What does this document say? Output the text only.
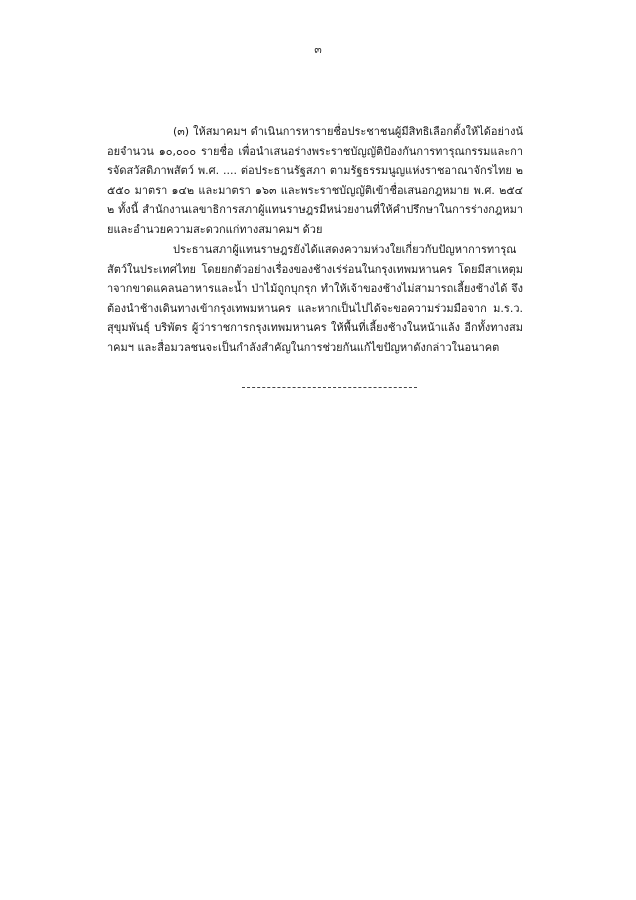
๓

(๓) ให้สมาคมฯ ดำเนินการหารายชื่อประชาชนผู้มีสิทธิเลือกตั้งให้ได้อย่างน้อยจำนวน ๑๐,๐๐๐ รายชื่อ เพื่อนำเสนอร่างพระราชบัญญัติป้องกันการทารุณกรรมและการจัดสวัสดิภาพสัตว์ พ.ศ. .... ต่อประธานรัฐสภา ตามรัฐธรรมนูญแห่งราชอาณาจักรไทย ๒๕๕๐ มาตรา ๑๔๒ และมาตรา ๑๖๓ และพระราชบัญญัติเข้าชื่อเสนอกฎหมาย พ.ศ. ๒๕๔๒ ทั้งนี้ สำนักงานเลขาธิการสภาผู้แทนราษฎรมีหน่วยงานที่ให้คำปรึกษาในการร่างกฎหมายและอำนวยความสะดวกแก่ทางสมาคมฯ ด้วย

ประธานสภาผู้แทนราษฎรยังได้แสดงความห่วงใยเกี่ยวกับปัญหาการทารุณสัตว์ในประเทศไทย โดยยกตัวอย่างเรื่องของช้างเร่ร่อนในกรุงเทพมหานคร โดยมีสาเหตุมาจากขาดแคลนอาหารและน้ำ ป่าไม้ถูกบุกรุก ทำให้เจ้าของช้างไม่สามารถเลี้ยงช้างได้ จึงต้องนำช้างเดินทางเข้ากรุงเทพมหานคร และหากเป็นไปได้จะขอความร่วมมือจาก ม.ร.ว. สุขุมพันธุ์ บริพัตร ผู้ว่าราชการกรุงเทพมหานคร ให้พื้นที่เลี้ยงช้างในหน้าแล้ง อีกทั้งทางสมาคมฯ และสื่อมวลชนจะเป็นกำลังสำคัญในการช่วยกันแก้ไขปัญหาดังกล่าวในอนาคต
